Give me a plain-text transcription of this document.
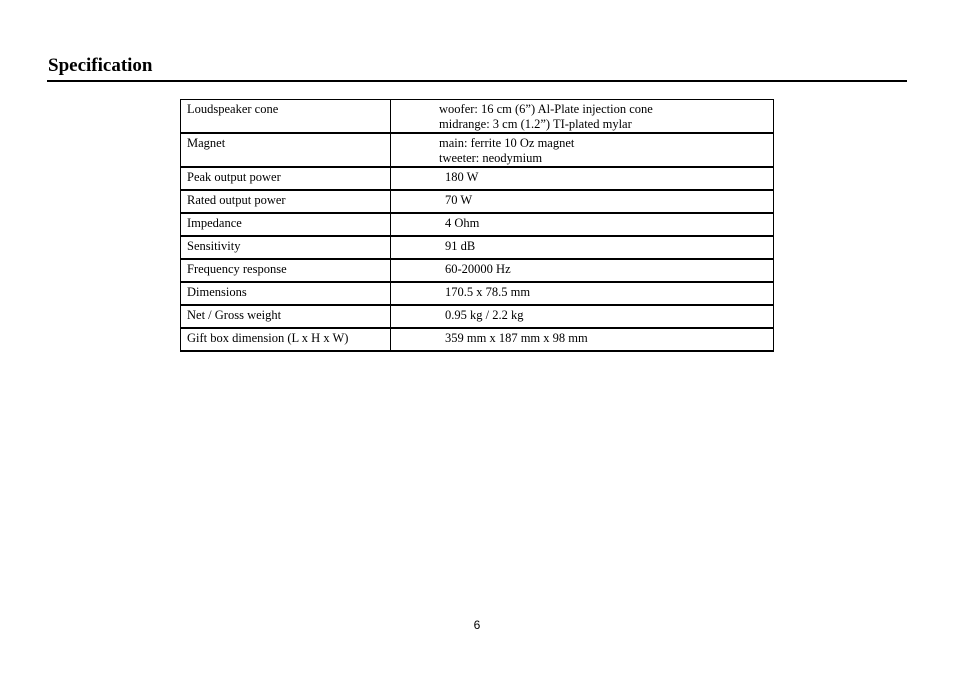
Specification
Loudspeaker cone	woofer: 16 cm (6”) Al-Plate injection cone
midrange: 3 cm (1.2”) TI-plated mylar

Magnet	main: ferrite 10 Oz magnet
tweeter: neodymium

Peak output power	180 W

Rated output power	70 W

Impedance	4 Ohm

Sensitivity	91 dB

Frequency response	60-20000 Hz

Dimensions	170.5 x 78.5 mm

Net / Gross weight	0.95 kg / 2.2 kg

Gift box dimension (L x H x W)	359 mm x 187 mm x 98 mm
6
